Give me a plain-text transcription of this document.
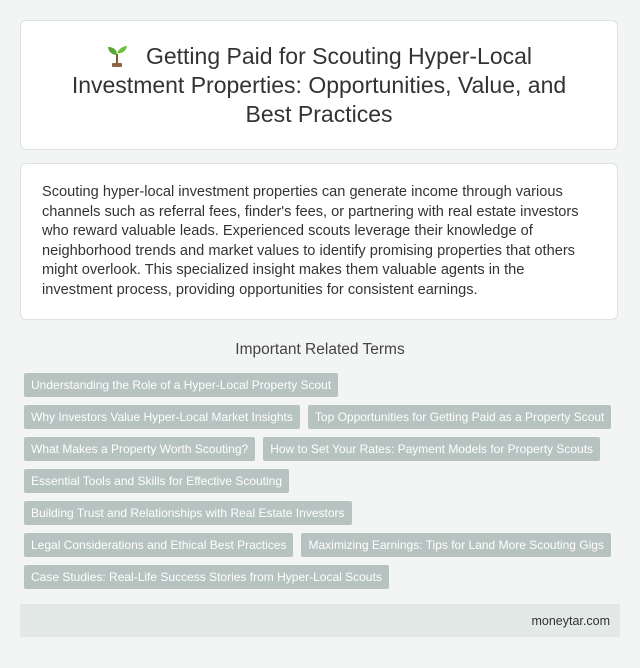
Getting Paid for Scouting Hyper-Local Investment Properties: Opportunities, Value, and Best Practices

Scouting hyper-local investment properties can generate income through various channels such as referral fees, finder's fees, or partnering with real estate investors who reward valuable leads. Experienced scouts leverage their knowledge of neighborhood trends and market values to identify promising properties that others might overlook. This specialized insight makes them valuable agents in the investment process, providing opportunities for consistent earnings.

Important Related Terms
Understanding the Role of a Hyper-Local Property Scout
Why Investors Value Hyper-Local Market Insights	Top Opportunities for Getting Paid as a Property Scout
What Makes a Property Worth Scouting?	How to Set Your Rates: Payment Models for Property Scouts
Essential Tools and Skills for Effective Scouting
Building Trust and Relationships with Real Estate Investors
Legal Considerations and Ethical Best Practices	Maximizing Earnings: Tips for Land More Scouting Gigs
Case Studies: Real-Life Success Stories from Hyper-Local Scouts
moneytar.com
